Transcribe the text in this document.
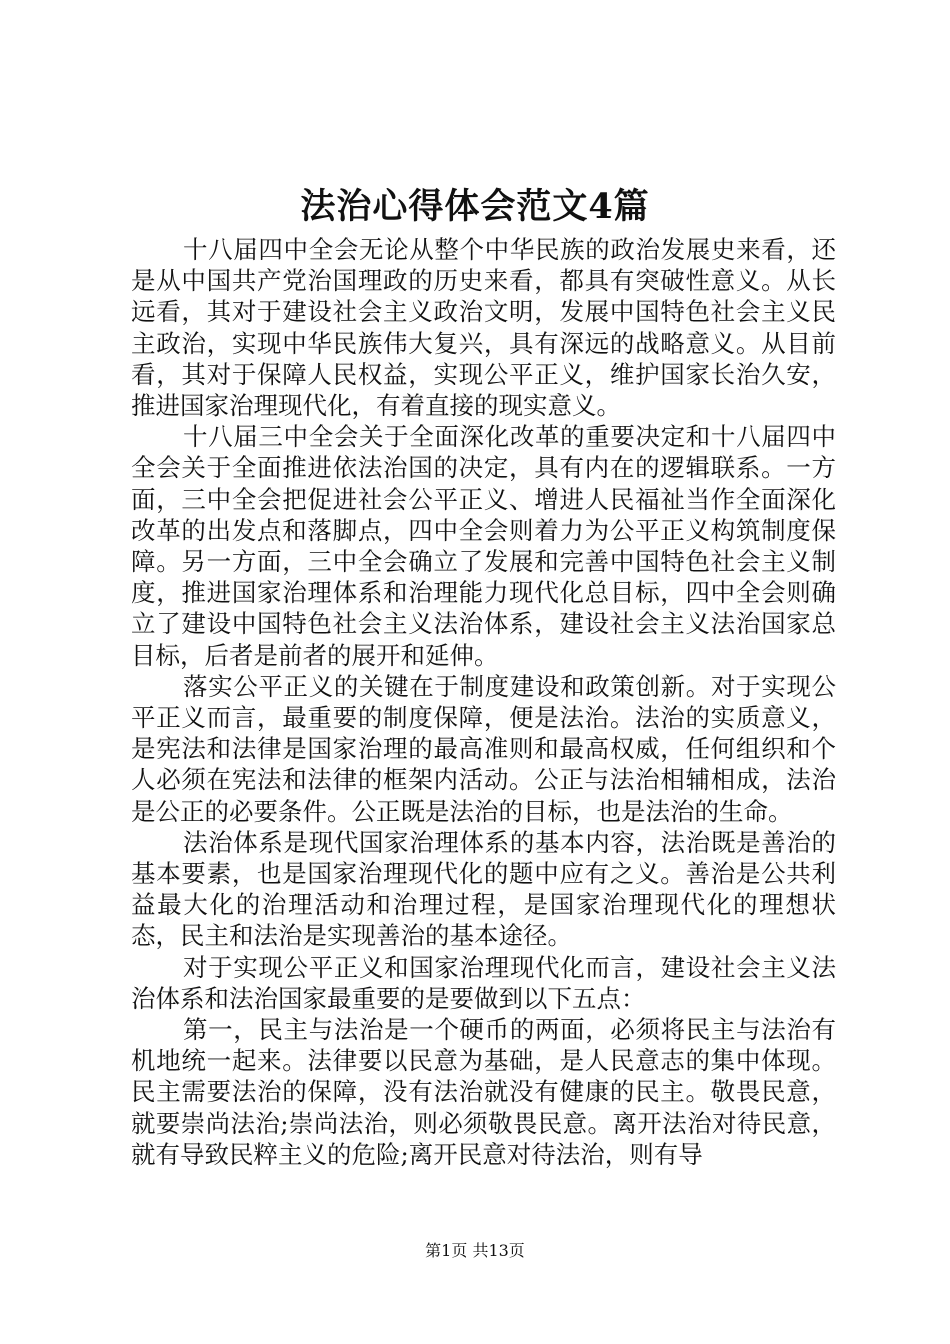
法治心得体会范文4篇

十八届四中全会无论从整个中华民族的政治发展史来看，还是从中国共产党治国理政的历史来看，都具有突破性意义。从长远看，其对于建设社会主义政治文明，发展中国特色社会主义民主政治，实现中华民族伟大复兴，具有深远的战略意义。从目前看，其对于保障人民权益，实现公平正义，维护国家长治久安，推进国家治理现代化，有着直接的现实意义。

十八届三中全会关于全面深化改革的重要决定和十八届四中全会关于全面推进依法治国的决定，具有内在的逻辑联系。一方面，三中全会把促进社会公平正义、增进人民福祉当作全面深化改革的出发点和落脚点，四中全会则着力为公平正义构筑制度保障。另一方面，三中全会确立了发展和完善中国特色社会主义制度，推进国家治理体系和治理能力现代化总目标，四中全会则确立了建设中国特色社会主义法治体系，建设社会主义法治国家总目标，后者是前者的展开和延伸。

落实公平正义的关键在于制度建设和政策创新。对于实现公平正义而言，最重要的制度保障，便是法治。法治的实质意义，是宪法和法律是国家治理的最高准则和最高权威，任何组织和个人必须在宪法和法律的框架内活动。公正与法治相辅相成，法治是公正的必要条件。公正既是法治的目标，也是法治的生命。

法治体系是现代国家治理体系的基本内容，法治既是善治的基本要素，也是国家治理现代化的题中应有之义。善治是公共利益最大化的治理活动和治理过程，是国家治理现代化的理想状态，民主和法治是实现善治的基本途径。

对于实现公平正义和国家治理现代化而言，建设社会主义法治体系和法治国家最重要的是要做到以下五点：

第一，民主与法治是一个硬币的两面，必须将民主与法治有机地统一起来。法律要以民意为基础，是人民意志的集中体现。民主需要法治的保障，没有法治就没有健康的民主。敬畏民意，就要崇尚法治;崇尚法治，则必须敬畏民意。离开法治对待民意，就有导致民粹主义的危险;离开民意对待法治，则有导

第1页 共13页
